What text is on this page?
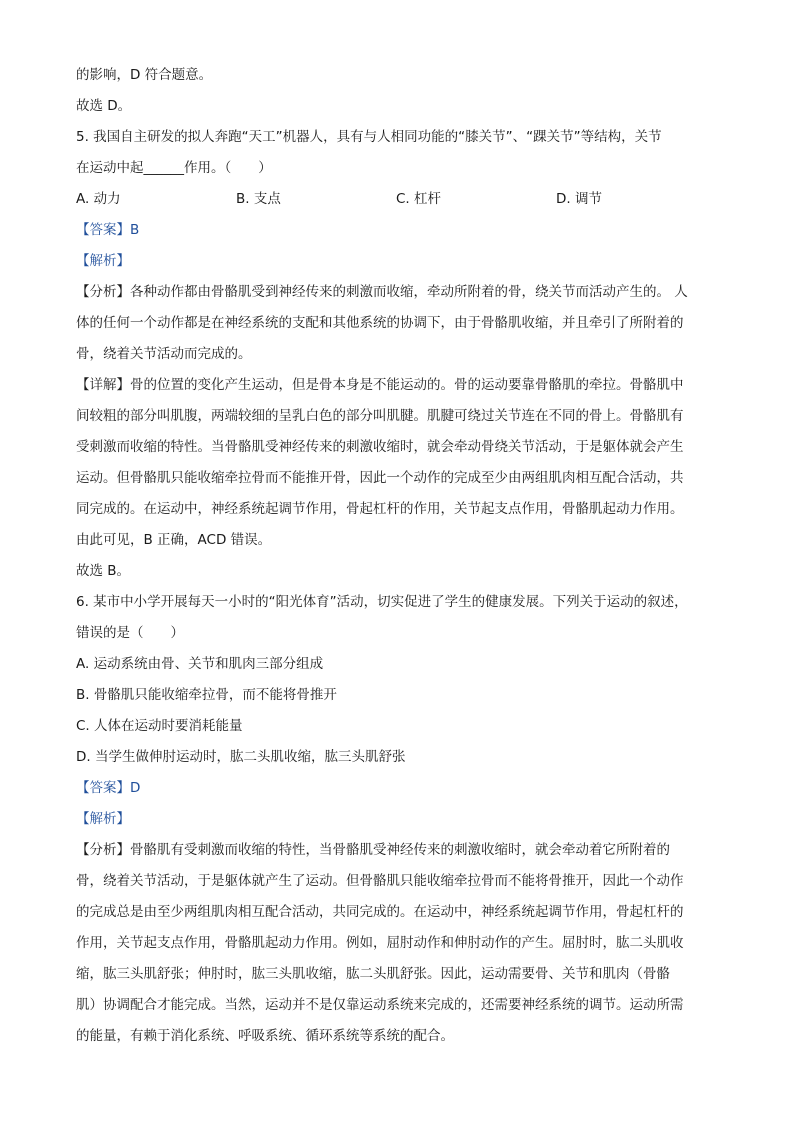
的影响，D 符合题意。
故选 D。
5. 我国自主研发的拟人奔跑“天工”机器人，具有与人相同功能的“膝关节”、“踝关节”等结构，关节
在运动中起______作用。（　　）
A. 动力	B. 支点	C. 杠杆	D. 调节
【答案】B
【解析】
【分析】各种动作都由骨骼肌受到神经传来的刺激而收缩，牵动所附着的骨，绕关节而活动产生的。 人
体的任何一个动作都是在神经系统的支配和其他系统的协调下，由于骨骼肌收缩，并且牵引了所附着的
骨，绕着关节活动而完成的。
【详解】骨的位置的变化产生运动，但是骨本身是不能运动的。骨的运动要靠骨骼肌的牵拉。骨骼肌中
间较粗的部分叫肌腹，两端较细的呈乳白色的部分叫肌腱。肌腱可绕过关节连在不同的骨上。骨骼肌有
受刺激而收缩的特性。当骨骼肌受神经传来的刺激收缩时，就会牵动骨绕关节活动，于是躯体就会产生
运动。但骨骼肌只能收缩牵拉骨而不能推开骨，因此一个动作的完成至少由两组肌肉相互配合活动，共
同完成的。在运动中，神经系统起调节作用，骨起杠杆的作用，关节起支点作用，骨骼肌起动力作用。
由此可见，B 正确，ACD 错误。
故选 B。
6. 某市中小学开展每天一小时的“阳光体育”活动，切实促进了学生的健康发展。下列关于运动的叙述，
错误的是（　　）
A. 运动系统由骨、关节和肌肉三部分组成
B. 骨骼肌只能收缩牵拉骨，而不能将骨推开
C. 人体在运动时要消耗能量
D. 当学生做伸肘运动时，肱二头肌收缩，肱三头肌舒张
【答案】D
【解析】
【分析】骨骼肌有受刺激而收缩的特性，当骨骼肌受神经传来的刺激收缩时，就会牵动着它所附着的
骨，绕着关节活动，于是躯体就产生了运动。但骨骼肌只能收缩牵拉骨而不能将骨推开，因此一个动作
的完成总是由至少两组肌肉相互配合活动，共同完成的。在运动中，神经系统起调节作用，骨起杠杆的
作用，关节起支点作用，骨骼肌起动力作用。例如，屈肘动作和伸肘动作的产生。屈肘时，肱二头肌收
缩，肱三头肌舒张；伸肘时，肱三头肌收缩，肱二头肌舒张。因此，运动需要骨、关节和肌肉（骨骼
肌）协调配合才能完成。当然，运动并不是仅靠运动系统来完成的，还需要神经系统的调节。运动所需
的能量，有赖于消化系统、呼吸系统、循环系统等系统的配合。
